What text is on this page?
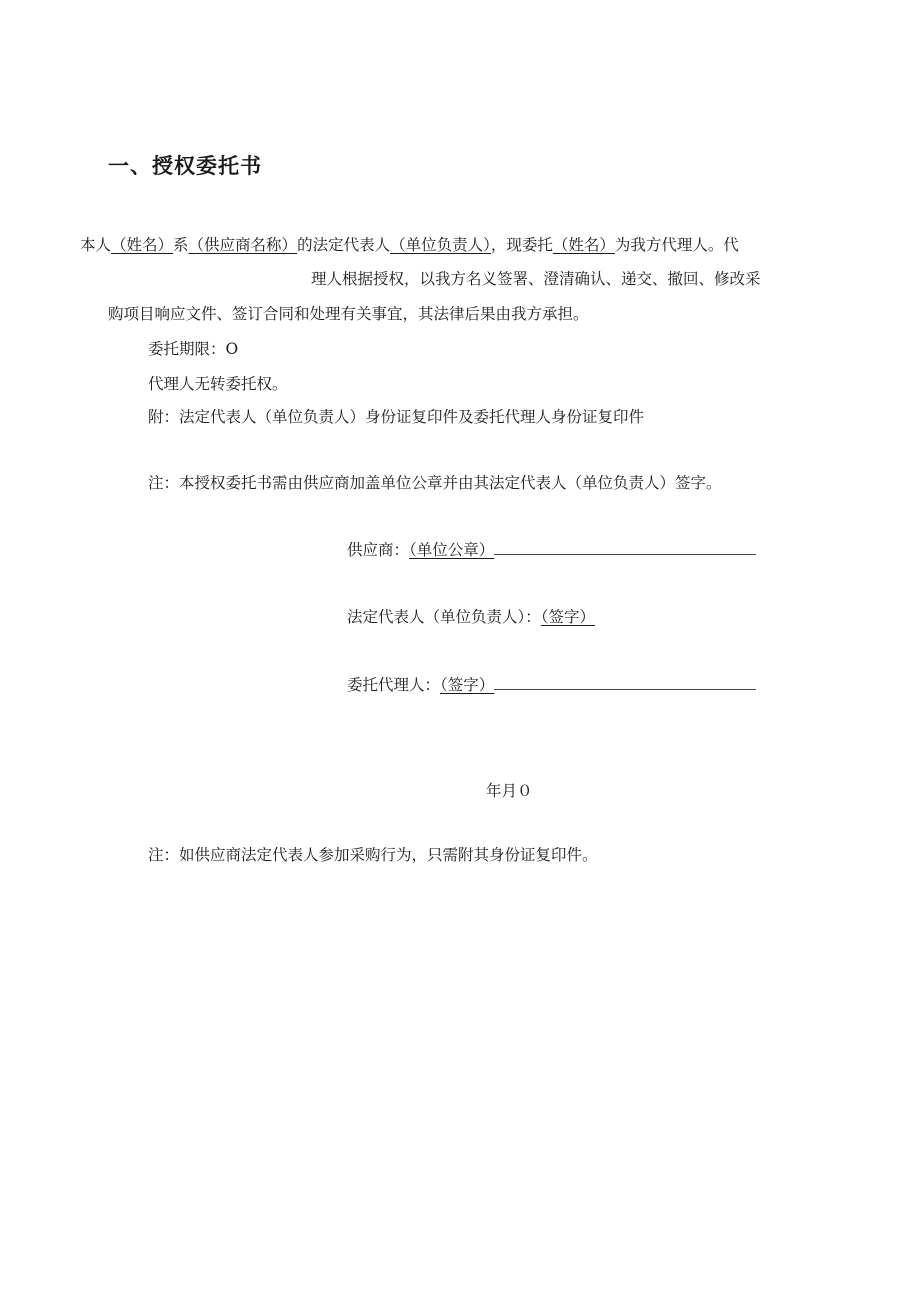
一、授权委托书
本人（姓名）系（供应商名称）的法定代表人（单位负责人），现委托（姓名）为我方代理人。代
理人根据授权，以我方名义签署、澄清确认、递交、撤回、修改采
购项目响应文件、签订合同和处理有关事宜，其法律后果由我方承担。
委托期限：O
代理人无转委托权。
附：法定代表人（单位负责人）身份证复印件及委托代理人身份证复印件
注：本授权委托书需由供应商加盖单位公章并由其法定代表人（单位负责人）签字。
供应商：（单位公章）
法定代表人（单位负责人）：（签字）
委托代理人：（签字）
年月０
注：如供应商法定代表人参加采购行为，只需附其身份证复印件。
